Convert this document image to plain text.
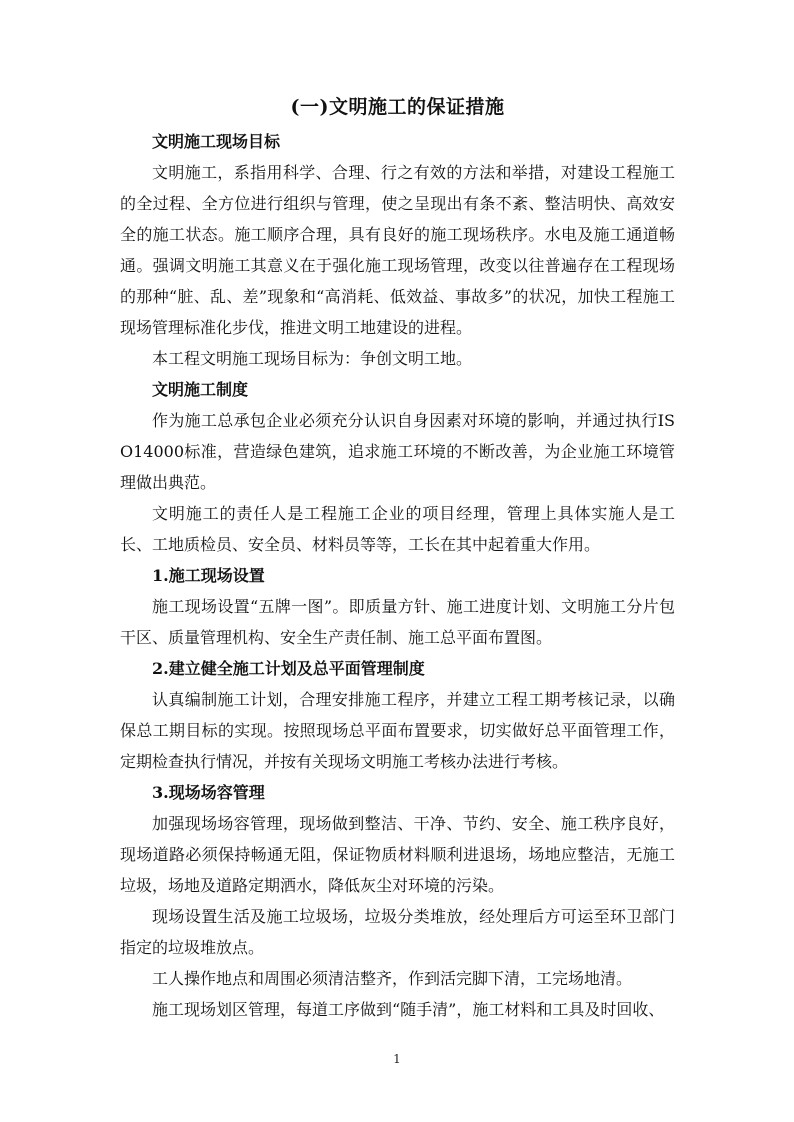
(一)文明施工的保证措施

文明施工现场目标

文明施工，系指用科学、合理、行之有效的方法和举措，对建设工程施工的全过程、全方位进行组织与管理，使之呈现出有条不紊、整洁明快、高效安全的施工状态。施工顺序合理，具有良好的施工现场秩序。水电及施工通道畅通。强调文明施工其意义在于强化施工现场管理，改变以往普遍存在工程现场的那种“脏、乱、差”现象和“高消耗、低效益、事故多”的状况，加快工程施工现场管理标准化步伐，推进文明工地建设的进程。

本工程文明施工现场目标为：争创文明工地。

文明施工制度

作为施工总承包企业必须充分认识自身因素对环境的影响，并通过执行ISO14000标准，营造绿色建筑，追求施工环境的不断改善，为企业施工环境管理做出典范。

文明施工的责任人是工程施工企业的项目经理，管理上具体实施人是工长、工地质检员、安全员、材料员等等，工长在其中起着重大作用。

1.施工现场设置

施工现场设置“五牌一图”。即质量方针、施工进度计划、文明施工分片包干区、质量管理机构、安全生产责任制、施工总平面布置图。

2.建立健全施工计划及总平面管理制度

认真编制施工计划，合理安排施工程序，并建立工程工期考核记录，以确保总工期目标的实现。按照现场总平面布置要求，切实做好总平面管理工作，定期检查执行情况，并按有关现场文明施工考核办法进行考核。

3.现场场容管理

加强现场场容管理，现场做到整洁、干净、节约、安全、施工秩序良好，现场道路必须保持畅通无阻，保证物质材料顺利进退场，场地应整洁，无施工垃圾，场地及道路定期洒水，降低灰尘对环境的污染。

现场设置生活及施工垃圾场，垃圾分类堆放，经处理后方可运至环卫部门指定的垃圾堆放点。

工人操作地点和周围必须清洁整齐，作到活完脚下清，工完场地清。

施工现场划区管理，每道工序做到“随手清”，施工材料和工具及时回收、

1
